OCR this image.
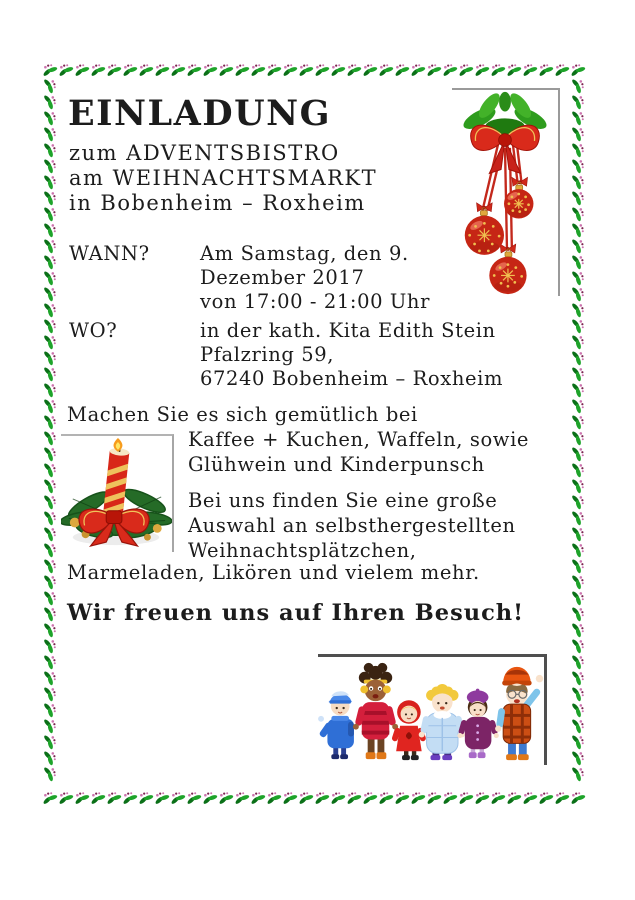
EINLADUNG
zum ADVENTSBISTRO
am WEIHNACHTSMARKT
in Bobenheim – Roxheim
WANN?	Am Samstag, den 9.
Dezember 2017
von 17:00 - 21:00 Uhr
WO?	in der kath. Kita Edith Stein
Pfalzring 59,
67240 Bobenheim – Roxheim
Machen Sie es sich gemütlich bei
Kaffee + Kuchen, Waffeln, sowie
Glühwein und Kinderpunsch
Bei uns finden Sie eine große
Auswahl an selbsthergestellten
Weihnachtsplätzchen,
Marmeladen, Likören und vielem mehr.
Wir freuen uns auf Ihren Besuch!
